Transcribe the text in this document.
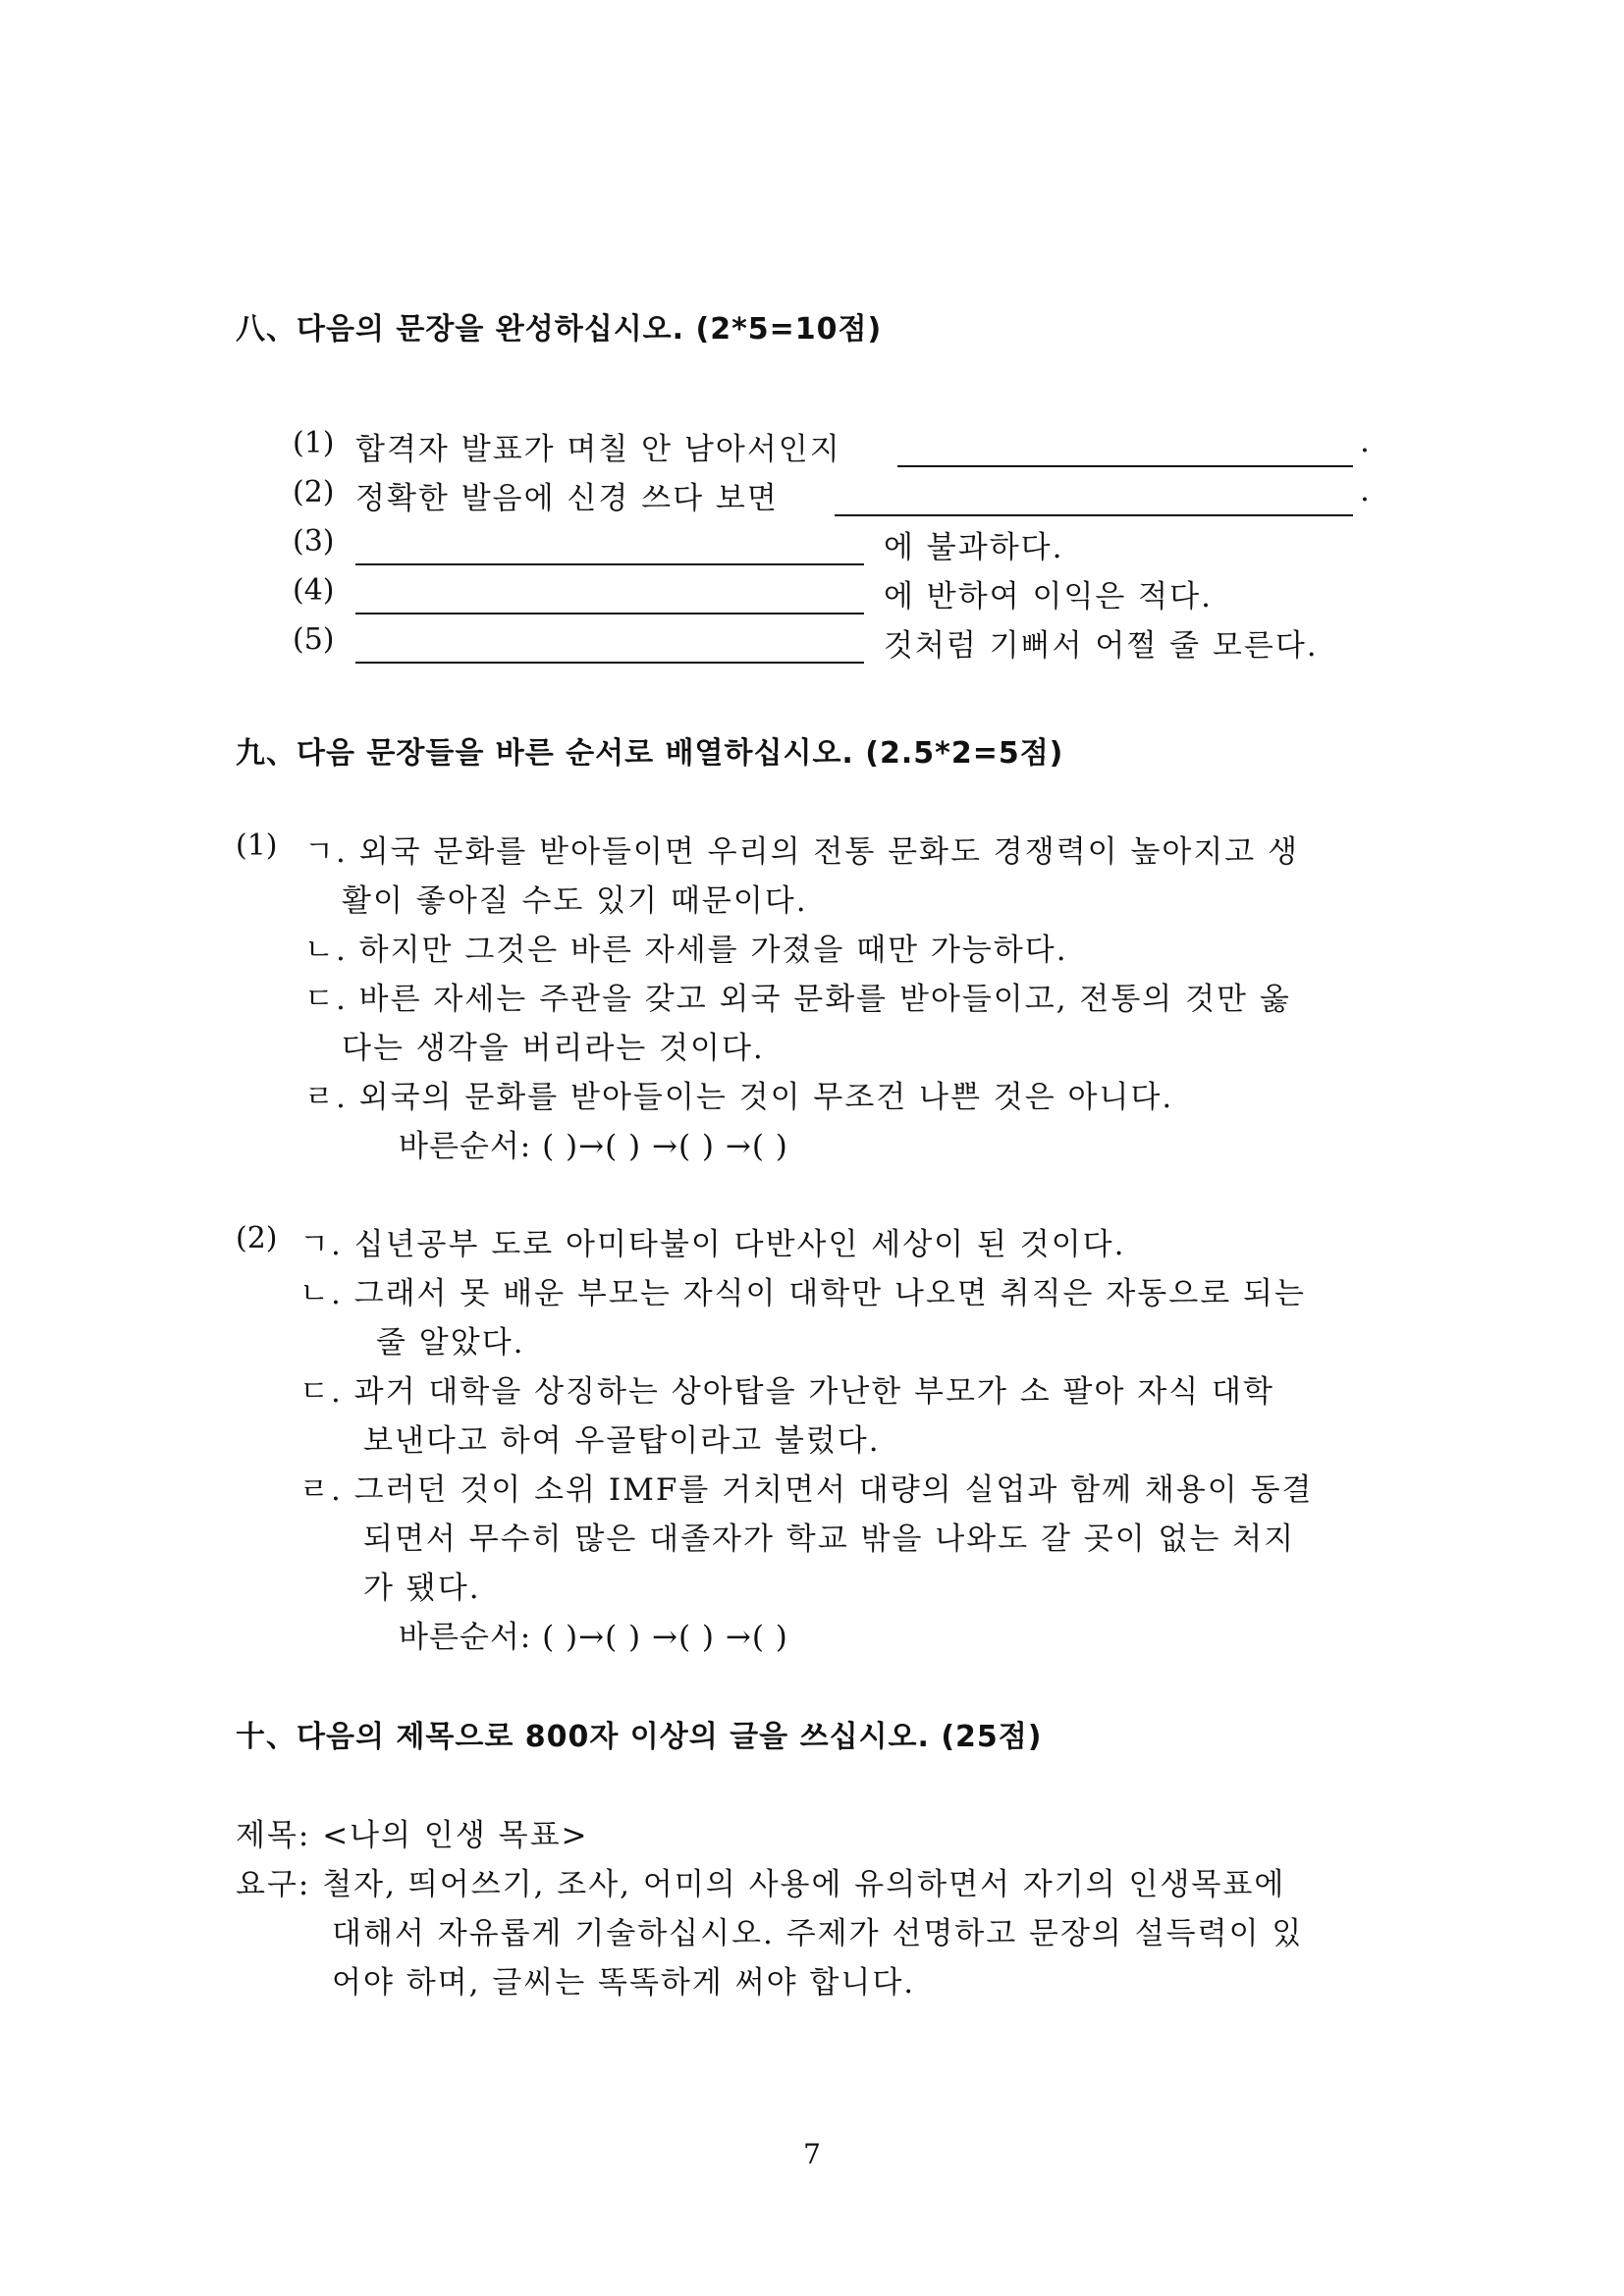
八、다음의 문장을 완성하십시오. (2*5=10점)
(1) 합격자 발표가 며칠 안 남아서인지	.
(2) 정확한 발음에 신경 쓰다 보면	.
(3)	에 불과하다.
(4)	에 반하여 이익은 적다.
(5)	것처럼 기뻐서 어쩔 줄 모른다.
九、다음 문장들을 바른 순서로 배열하십시오. (2.5*2=5점)
(1) ㄱ. 외국 문화를 받아들이면 우리의 전통 문화도 경쟁력이 높아지고 생
활이 좋아질 수도 있기 때문이다.
ㄴ. 하지만 그것은 바른 자세를 가졌을 때만 가능하다.
ㄷ. 바른 자세는 주관을 갖고 외국 문화를 받아들이고, 전통의 것만 옳
다는 생각을 버리라는 것이다.
ㄹ. 외국의 문화를 받아들이는 것이 무조건 나쁜 것은 아니다.
바른순서: ( )→( ) →( ) →( )
(2) ㄱ. 십년공부 도로 아미타불이 다반사인 세상이 된 것이다.
ㄴ. 그래서 못 배운 부모는 자식이 대학만 나오면 취직은 자동으로 되는
줄 알았다.
ㄷ. 과거 대학을 상징하는 상아탑을 가난한 부모가 소 팔아 자식 대학
보낸다고 하여 우골탑이라고 불렀다.
ㄹ. 그러던 것이 소위 IMF를 거치면서 대량의 실업과 함께 채용이 동결
되면서 무수히 많은 대졸자가 학교 밖을 나와도 갈 곳이 없는 처지
가 됐다.
바른순서: ( )→( ) →( ) →( )
十、다음의 제목으로 800자 이상의 글을 쓰십시오. (25점)
제목: <나의 인생 목표>
요구: 철자, 띄어쓰기, 조사, 어미의 사용에 유의하면서 자기의 인생목표에
대해서 자유롭게 기술하십시오. 주제가 선명하고 문장의 설득력이 있
어야 하며, 글씨는 똑똑하게 써야 합니다.
7
